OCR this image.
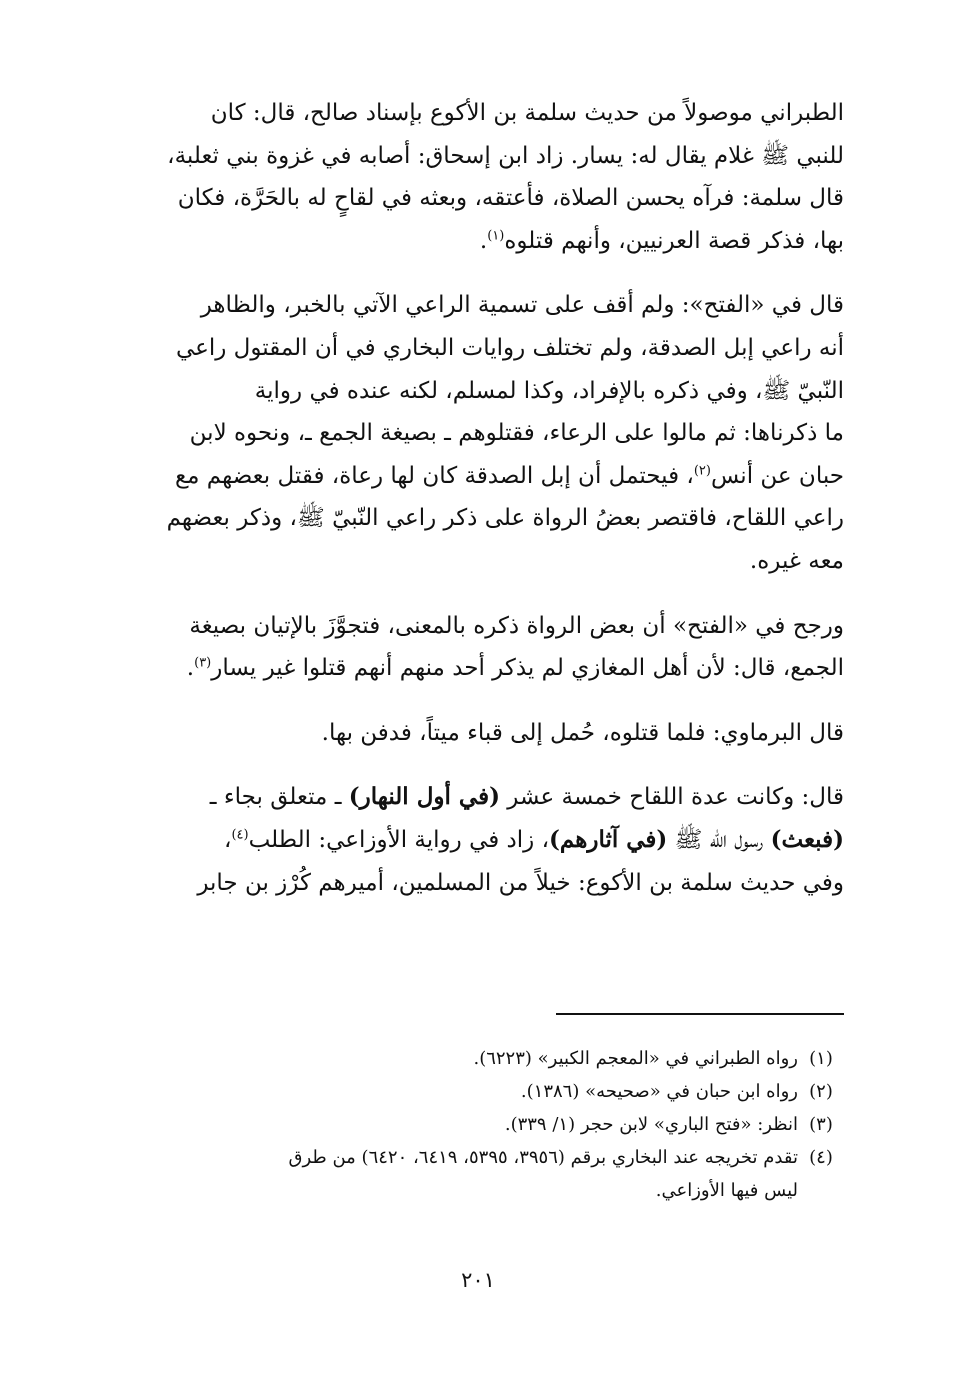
الطبراني موصولاً من حديث سلمة بن الأكوع بإسناد صالح، قال: كان
للنبي ﷺ غلام يقال له: يسار. زاد ابن إسحاق: أصابه في غزوة بني ثعلبة،
قال سلمة: فرآه يحسن الصلاة، فأعتقه، وبعثه في لقاحٍ له بالحَرَّة، فكان
بها، فذكر قصة العرنيين، وأنهم قتلوه$^{(١)}$.

قال في «الفتح»: ولم أقف على تسمية الراعي الآتي بالخبر، والظاهر
أنه راعي إبل الصدقة، ولم تختلف روايات البخاري في أن المقتول راعي
النّبيّ ﷺ، وفي ذكره بالإفراد، وكذا لمسلم، لكنه عنده في رواية
ما ذكرناها: ثم مالوا على الرعاء، فقتلوهم ـ بصيغة الجمع ـ، ونحوه لابن
حبان عن أنس$^{(٢)}$، فيحتمل أن إبل الصدقة كان لها رعاة، فقتل بعضهم مع
راعي اللقاح، فاقتصر بعضُ الرواة على ذكر راعي النّبيّ ﷺ، وذكر بعضهم
معه غيره.

ورجح في «الفتح» أن بعض الرواة ذكره بالمعنى، فتجوَّزَ بالإتيان بصيغة
الجمع، قال: لأن أهل المغازي لم يذكر أحد منهم أنهم قتلوا غير يسار$^{(٣)}$.

قال البرماوي: فلما قتلوه، حُمل إلى قباء ميتاً، فدفن بها.

قال: وكانت عدة اللقاح خمسة عشر (في أول النهار) ـ متعلق بجاء ـ
(فبعث) رسول الله ﷺ (في آثارهم)، زاد في رواية الأوزاعي: الطلب$^{(٤)}$،
وفي حديث سلمة بن الأكوع: خيلاً من المسلمين، أميرهم كُرْز بن جابر

(١)
رواه الطبراني في «المعجم الكبير» (٦٢٢٣).
(٢)
رواه ابن حبان في «صحيحه» (١٣٨٦).
(٣)
انظر: «فتح الباري» لابن حجر (١/ ٣٣٩).
(٤)
تقدم تخريجه عند البخاري برقم (٣٩٥٦، ٥٣٩٥، ٦٤١٩، ٦٤٢٠) من طرق
ليس فيها الأوزاعي.
٢٠١
